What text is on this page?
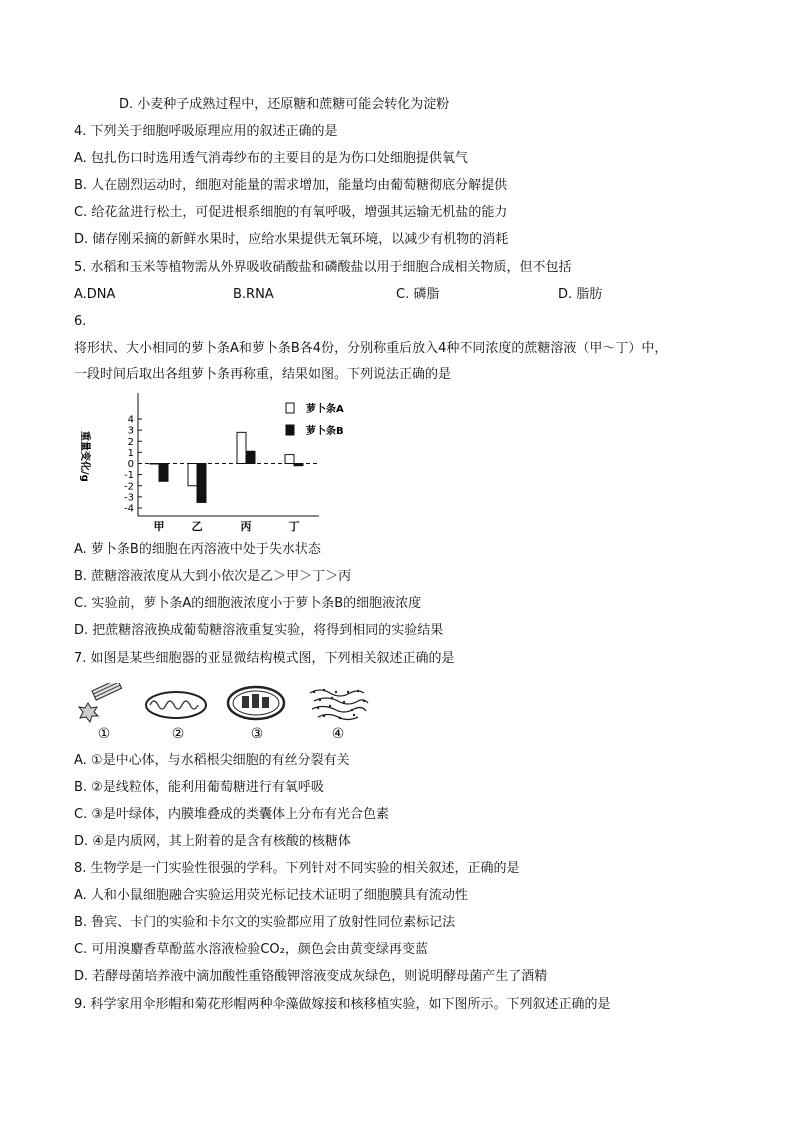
D. 小麦种子成熟过程中，还原糖和蔗糖可能会转化为淀粉
4. 下列关于细胞呼吸原理应用的叙述正确的是
A. 包扎伤口时选用透气消毒纱布的主要目的是为伤口处细胞提供氧气
B. 人在剧烈运动时，细胞对能量的需求增加，能量均由葡萄糖彻底分解提供
C. 给花盆进行松土，可促进根系细胞的有氧呼吸，增强其运输无机盐的能力
D. 储存刚采摘的新鲜水果时，应给水果提供无氧环境，以减少有机物的消耗
5. 水稻和玉米等植物需从外界吸收硝酸盐和磷酸盐以用于细胞合成相关物质，但不包括
A.DNA	B.RNA	C. 磷脂	D. 脂肪
6.
将形状、大小相同的萝卜条A和萝卜条B各4份，分别称重后放入4种不同浓度的蔗糖溶液（甲～丁）中，
一段时间后取出各组萝卜条再称重，结果如图。下列说法正确的是
重量变化/g
4
3
2
1
0
-1
-2
-3
-4
甲 乙	丙	丁
萝卜条A
萝卜条B
A. 萝卜条B的细胞在丙溶液中处于失水状态
B. 蔗糖溶液浓度从大到小依次是乙＞甲＞丁＞丙
C. 实验前，萝卜条A的细胞液浓度小于萝卜条B的细胞液浓度
D. 把蔗糖溶液换成葡萄糖溶液重复实验，将得到相同的实验结果
7. 如图是某些细胞器的亚显微结构模式图，下列相关叙述正确的是
①	②	③	④
A. ①是中心体，与水稻根尖细胞的有丝分裂有关
B. ②是线粒体，能利用葡萄糖进行有氧呼吸
C. ③是叶绿体，内膜堆叠成的类囊体上分布有光合色素
D. ④是内质网，其上附着的是含有核酸的核糖体
8. 生物学是一门实验性很强的学科。下列针对不同实验的相关叙述，正确的是
A. 人和小鼠细胞融合实验运用荧光标记技术证明了细胞膜具有流动性
B. 鲁宾、卡门的实验和卡尔文的实验都应用了放射性同位素标记法
C. 可用溴麝香草酚蓝水溶液检验CO₂，颜色会由黄变绿再变蓝
D. 若酵母菌培养液中滴加酸性重铬酸钾溶液变成灰绿色，则说明酵母菌产生了酒精
9. 科学家用伞形帽和菊花形帽两种伞藻做嫁接和核移植实验，如下图所示。下列叙述正确的是
